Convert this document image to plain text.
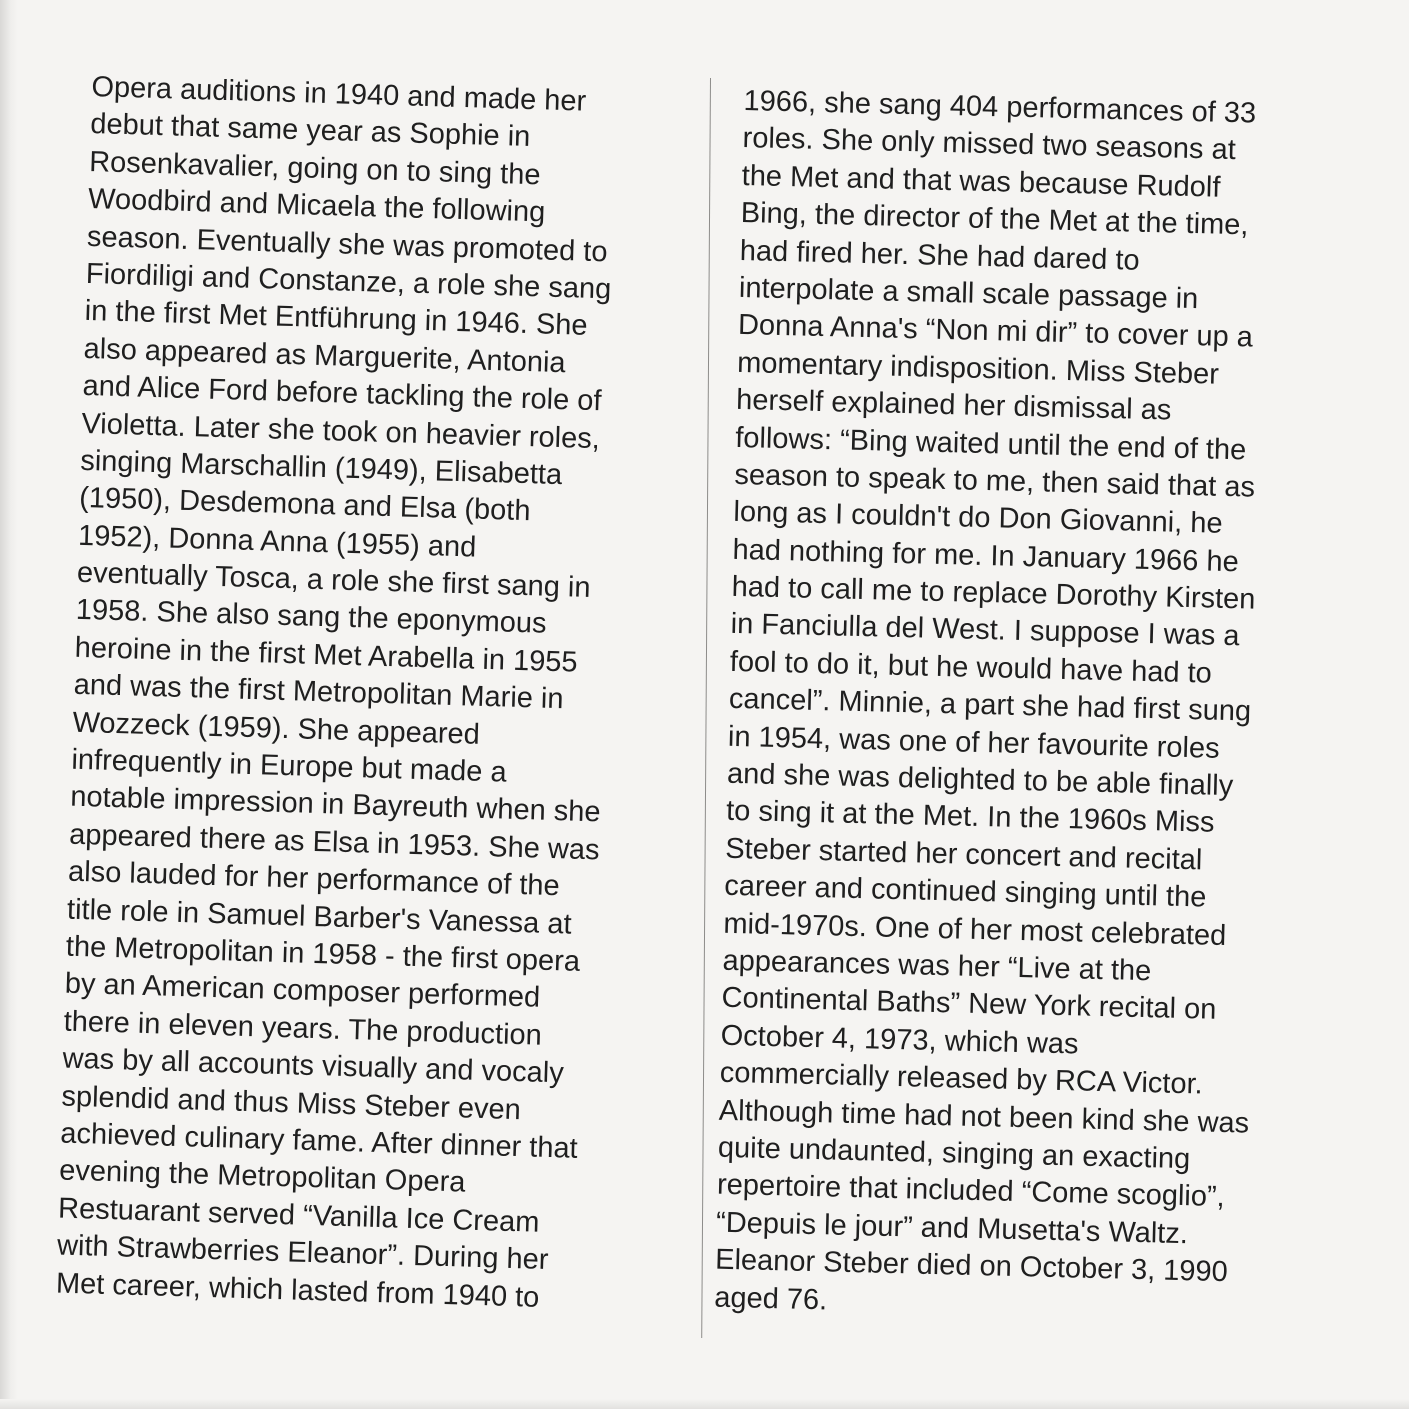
Opera auditions in 1940 and made her
debut that same year as Sophie in
Rosenkavalier, going on to sing the
Woodbird and Micaela the following
season. Eventually she was promoted to
Fiordiligi and Constanze, a role she sang
in the first Met Entführung in 1946. She
also appeared as Marguerite, Antonia
and Alice Ford before tackling the role of
Violetta. Later she took on heavier roles,
singing Marschallin (1949), Elisabetta
(1950), Desdemona and Elsa (both
1952), Donna Anna (1955) and
eventually Tosca, a role she first sang in
1958. She also sang the eponymous
heroine in the first Met Arabella in 1955
and was the first Metropolitan Marie in
Wozzeck (1959). She appeared
infrequently in Europe but made a
notable impression in Bayreuth when she
appeared there as Elsa in 1953. She was
also lauded for her performance of the
title role in Samuel Barber's Vanessa at
the Metropolitan in 1958 - the first opera
by an American composer performed
there in eleven years. The production
was by all accounts visually and vocaly
splendid and thus Miss Steber even
achieved culinary fame. After dinner that
evening the Metropolitan Opera
Restuarant served “Vanilla Ice Cream
with Strawberries Eleanor”. During her
Met career, which lasted from 1940 to
1966, she sang 404 performances of 33
roles. She only missed two seasons at
the Met and that was because Rudolf
Bing, the director of the Met at the time,
had fired her. She had dared to
interpolate a small scale passage in
Donna Anna's “Non mi dir” to cover up a
momentary indisposition. Miss Steber
herself explained her dismissal as
follows: “Bing waited until the end of the
season to speak to me, then said that as
long as I couldn't do Don Giovanni, he
had nothing for me. In January 1966 he
had to call me to replace Dorothy Kirsten
in Fanciulla del West. I suppose I was a
fool to do it, but he would have had to
cancel”. Minnie, a part she had first sung
in 1954, was one of her favourite roles
and she was delighted to be able finally
to sing it at the Met. In the 1960s Miss
Steber started her concert and recital
career and continued singing until the
mid-1970s. One of her most celebrated
appearances was her “Live at the
Continental Baths” New York recital on
October 4, 1973, which was
commercially released by RCA Victor.
Although time had not been kind she was
quite undaunted, singing an exacting
repertoire that included “Come scoglio”,
“Depuis le jour” and Musetta's Waltz.
Eleanor Steber died on October 3, 1990
aged 76.
